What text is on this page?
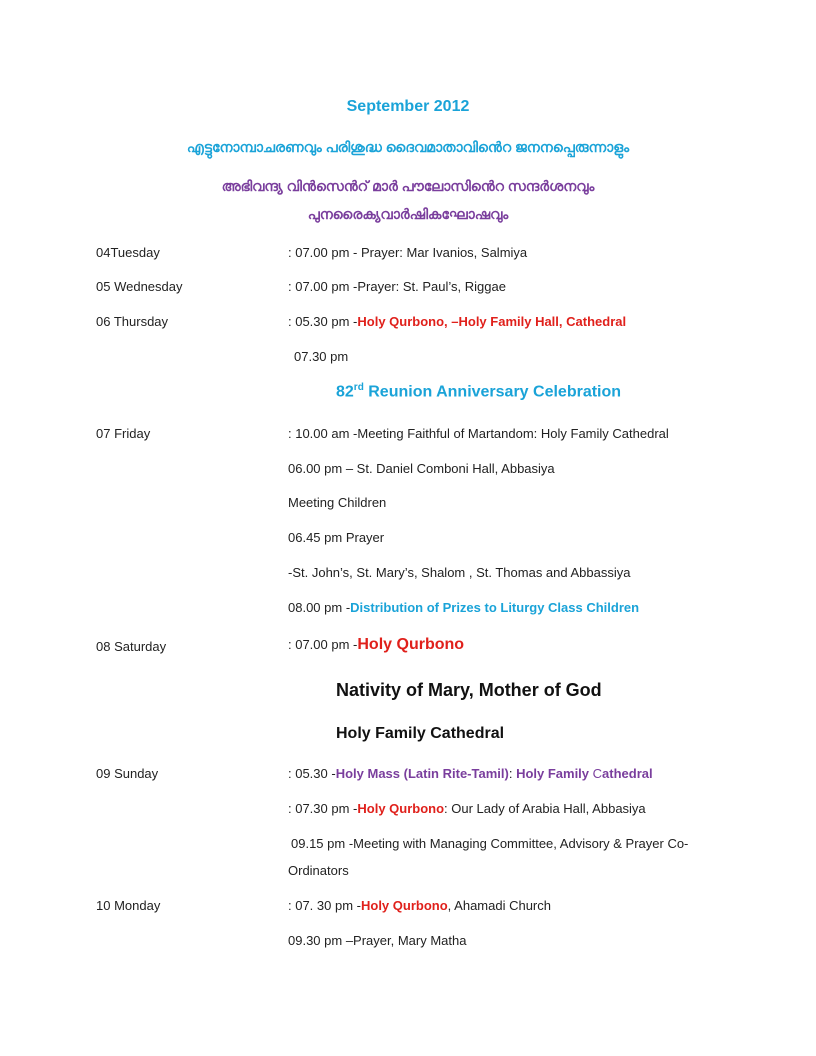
September 2012
എട്ടുനോമ്പാചരണവും പരിശുദ്ധ ദൈവമാതാവിൻെറ ജനനപ്പെരുന്നാളും
അഭിവന്ദ്യ വിൻസെൻറ് മാർ പൗലോസിൻെറ സന്ദർശനവും
പുനരൈക്യവാർഷികഘോഷവും
04Tuesday	: 07.00 pm - Prayer: Mar Ivanios, Salmiya
05 Wednesday	: 07.00 pm -Prayer: St. Paul’s, Riggae
06 Thursday	: 05.30 pm -Holy Qurbono, –Holy Family Hall, Cathedral
07.30 pm
82rd Reunion Anniversary Celebration
07 Friday	: 10.00 am -Meeting Faithful of Martandom: Holy Family Cathedral
06.00 pm – St. Daniel Comboni Hall, Abbasiya
Meeting Children
06.45 pm Prayer
-St. John’s, St. Mary’s, Shalom , St. Thomas and Abbassiya
08.00 pm -Distribution of Prizes to Liturgy Class Children
08 Saturday	: 07.00 pm -Holy Qurbono
Nativity of Mary, Mother of God
Holy Family Cathedral
09 Sunday	: 05.30 -Holy Mass (Latin Rite-Tamil): Holy Family Cathedral
: 07.30 pm -Holy Qurbono: Our Lady of Arabia Hall, Abbasiya
09.15 pm -Meeting with Managing Committee, Advisory & Prayer Co-
Ordinators
10 Monday	: 07. 30 pm -Holy Qurbono, Ahamadi Church
09.30 pm –Prayer, Mary Matha
